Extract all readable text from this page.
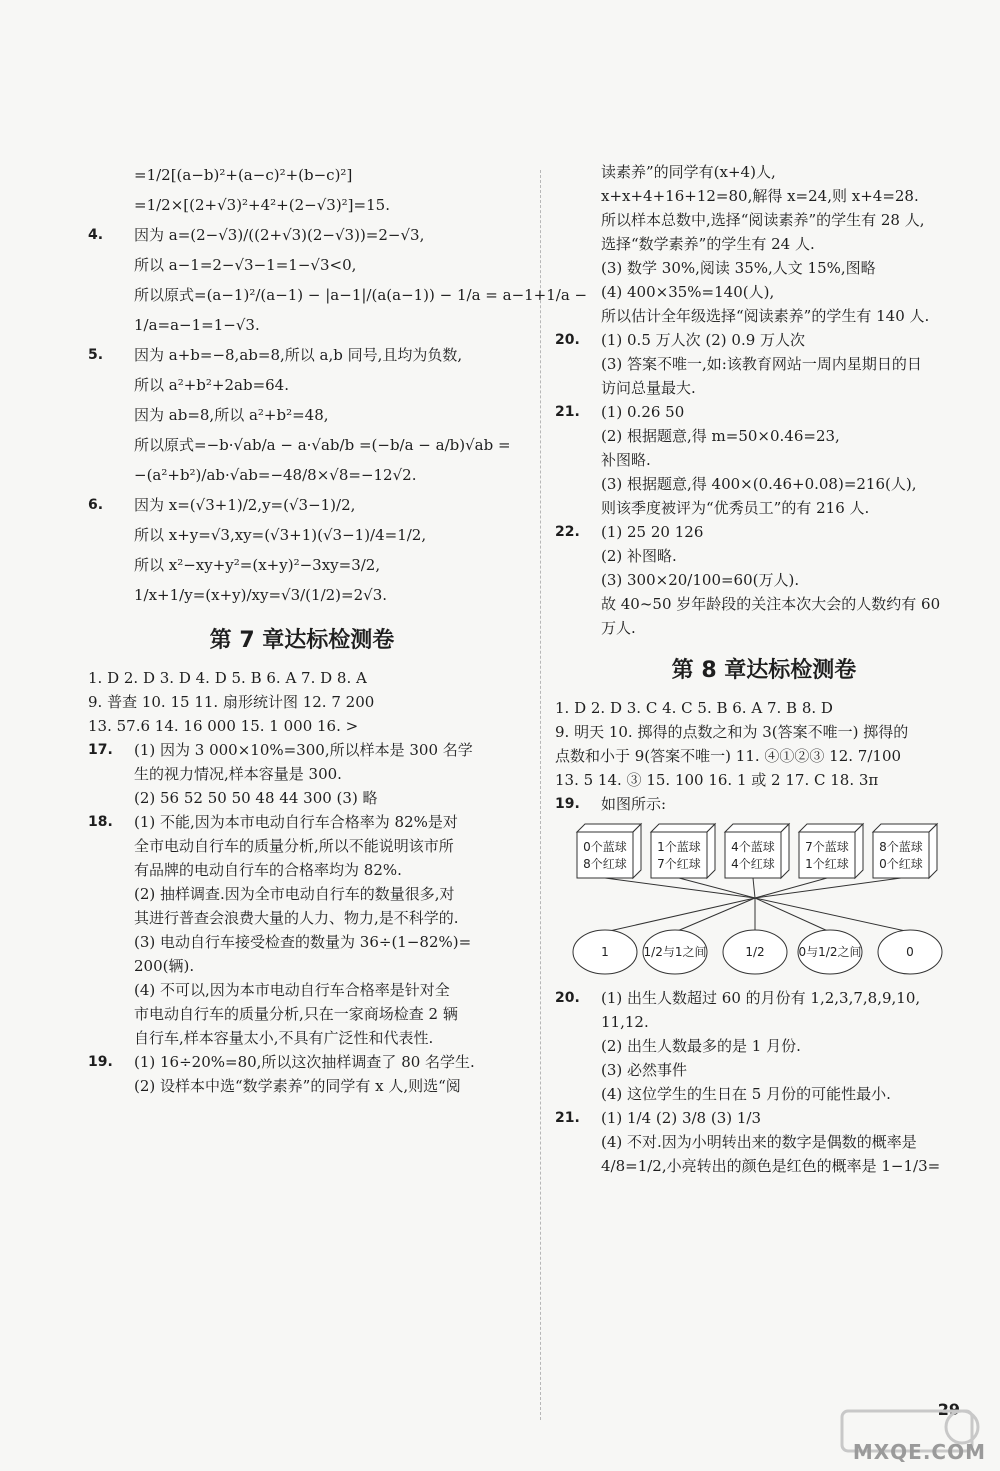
=1/2[(a−b)²+(a−c)²+(b−c)²]
=1/2×[(2+√3)²+4²+(2−√3)²]=15.
4. 因为 a=(2−√3)/((2+√3)(2−√3))=2−√3,
所以 a−1=2−√3−1=1−√3<0,
所以原式=(a−1)²/(a−1) − |a−1|/(a(a−1)) − 1/a = a−1+1/a −
1/a=a−1=1−√3.
5. 因为 a+b=−8,ab=8,所以 a,b 同号,且均为负数,
所以 a²+b²+2ab=64.
因为 ab=8,所以 a²+b²=48,
所以原式=−b·√ab/a − a·√ab/b =(−b/a − a/b)√ab =
−(a²+b²)/ab·√ab=−48/8×√8=−12√2.
6. 因为 x=(√3+1)/2,y=(√3−1)/2,
所以 x+y=√3,xy=(√3+1)(√3−1)/4=1/2,
所以 x²−xy+y²=(x+y)²−3xy=3/2,
1/x+1/y=(x+y)/xy=√3/(1/2)=2√3.
第 7 章达标检测卷
1. D 2. D 3. D 4. D 5. B 6. A 7. D 8. A
9. 普查 10. 15 11. 扇形统计图 12. 7 200
13. 57.6 14. 16 000 15. 1 000 16. >
17. (1) 因为 3 000×10%=300,所以样本是 300 名学
生的视力情况,样本容量是 300.
(2) 56 52 50 50 48 44 300 (3) 略
18. (1) 不能,因为本市电动自行车合格率为 82%是对
全市电动自行车的质量分析,所以不能说明该市所
有品牌的电动自行车的合格率均为 82%.
(2) 抽样调查.因为全市电动自行车的数量很多,对
其进行普查会浪费大量的人力、物力,是不科学的.
(3) 电动自行车接受检查的数量为 36÷(1−82%)=
200(辆).
(4) 不可以,因为本市电动自行车合格率是针对全
市电动自行车的质量分析,只在一家商场检查 2 辆
自行车,样本容量太小,不具有广泛性和代表性.
19. (1) 16÷20%=80,所以这次抽样调查了 80 名学生.
(2) 设样本中选“数学素养”的同学有 x 人,则选“阅
读素养”的同学有(x+4)人,
x+x+4+16+12=80,解得 x=24,则 x+4=28.
所以样本总数中,选择“阅读素养”的学生有 28 人,
选择“数学素养”的学生有 24 人.
(3) 数学 30%,阅读 35%,人文 15%,图略
(4) 400×35%=140(人),
所以估计全年级选择“阅读素养”的学生有 140 人.
20. (1) 0.5 万人次 (2) 0.9 万人次
(3) 答案不唯一,如:该教育网站一周内星期日的日
访问总量最大.
21. (1) 0.26 50
(2) 根据题意,得 m=50×0.46=23,
补图略.
(3) 根据题意,得 400×(0.46+0.08)=216(人),
则该季度被评为“优秀员工”的有 216 人.
22. (1) 25 20 126
(2) 补图略.
(3) 300×20/100=60(万人).
故 40~50 岁年龄段的关注本次大会的人数约有 60
万人.
第 8 章达标检测卷
1. D 2. D 3. C 4. C 5. B 6. A 7. B 8. D
9. 明天 10. 掷得的点数之和为 3(答案不唯一) 掷得的
点数和小于 9(答案不唯一) 11. ④①②③ 12. 7/100
13. 5 14. ③ 15. 100 16. 1 或 2 17. C 18. 3π
19. 如图所示:
0个蓝球
8个红球
1个蓝球
7个红球
4个蓝球
4个红球
7个蓝球
1个红球
8个蓝球
0个红球
1	1/2与1之间	1/2	0与1/2之间	0
20. (1) 出生人数超过 60 的月份有 1,2,3,7,8,9,10,
11,12.
(2) 出生人数最多的是 1 月份.
(3) 必然事件
(4) 这位学生的生日在 5 月份的可能性最小.
21. (1) 1/4 (2) 3/8 (3) 1/3
(4) 不对.因为小明转出来的数字是偶数的概率是
4/8=1/2,小亮转出的颜色是红色的概率是 1−1/3=
29
MXQE.COM
